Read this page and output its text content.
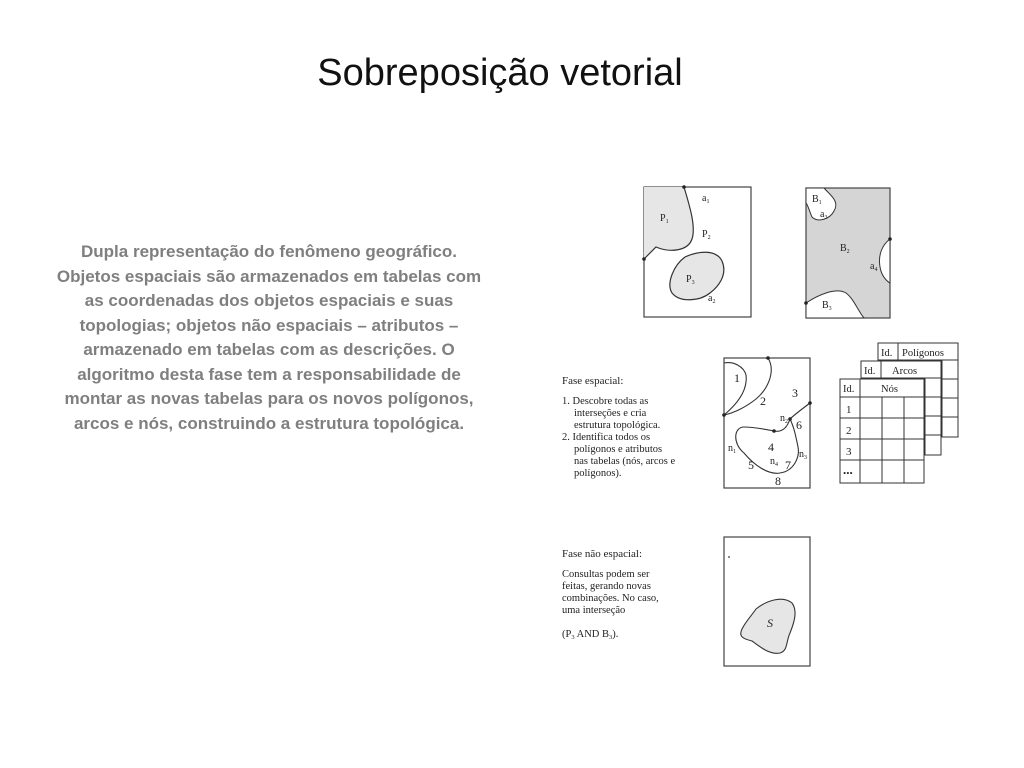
Sobreposição vetorial
Dupla representação do fenômeno geográfico. Objetos espaciais são armazenados em tabelas com as coordenadas dos objetos espaciais e suas topologias; objetos não espaciais – atributos – armazenado em tabelas com as descrições. O algoritmo desta fase tem a responsabilidade de montar as novas tabelas para os novos polígonos, arcos e nós, construindo a estrutura topológica.
$a_1$
$P_1$
$P_2$
$P_3$
$a_2$
$B_1$
$a_3$
$B_2$
$a_4$
$B_3$
Fase espacial:
1. Descobre todas as
interseções e cria
estrutura topológica.
2. Identifica todos os
polígonos e atributos
nas tabelas (nós, arcos e
polígonos).
1
2
3
4
5
6
7
8
$n_1$
$n_2$
$n_3$
$n_4$
Id. Polígonos
Id. Arcos
Id.	Nós
1
2
3
...
Fase não espacial:
Consultas podem ser
feitas, gerando novas
combinações. No caso,
uma interseção
(P3 AND B3).
S
